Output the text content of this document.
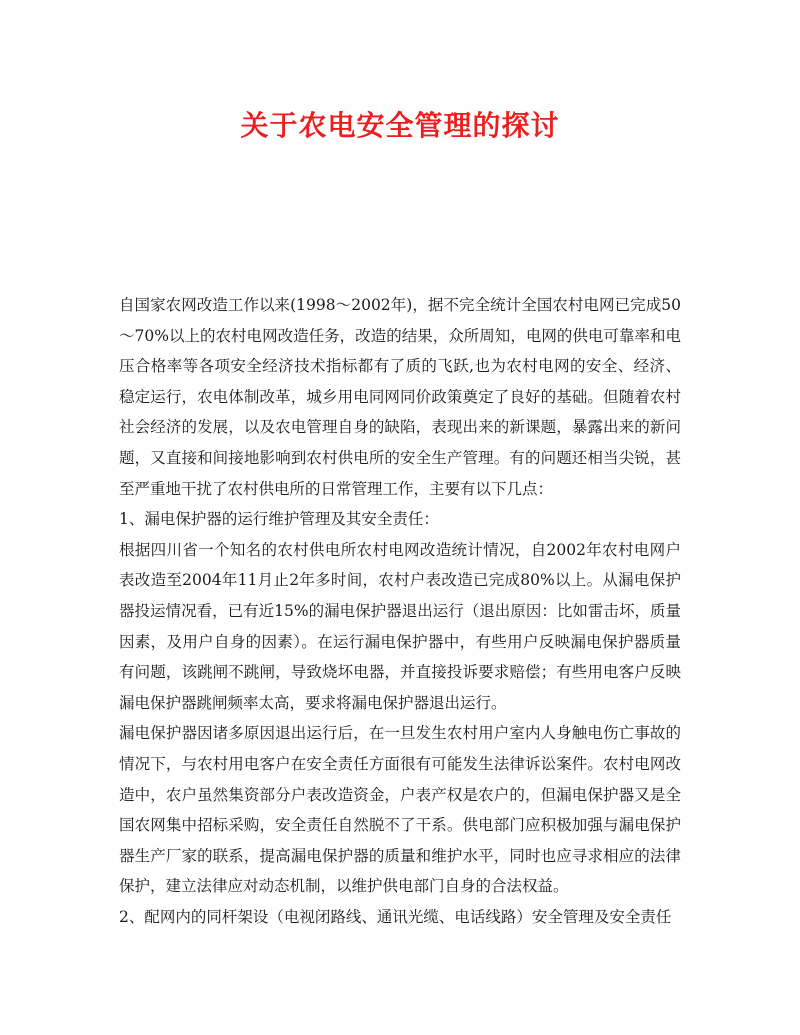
关于农电安全管理的探讨

自国家农网改造工作以来(1998～2002年)，据不完全统计全国农村电网已完成50～70%以上的农村电网改造任务，改造的结果，众所周知，电网的供电可靠率和电压合格率等各项安全经济技术指标都有了质的飞跃,也为农村电网的安全、经济、稳定运行，农电体制改革，城乡用电同网同价政策奠定了良好的基础。但随着农村社会经济的发展，以及农电管理自身的缺陷，表现出来的新课题，暴露出来的新问题，又直接和间接地影响到农村供电所的安全生产管理。有的问题还相当尖锐，甚至严重地干扰了农村供电所的日常管理工作，主要有以下几点：

1、漏电保护器的运行维护管理及其安全责任：

根据四川省一个知名的农村供电所农村电网改造统计情况，自2002年农村电网户表改造至2004年11月止2年多时间，农村户表改造已完成80%以上。从漏电保护器投运情况看，已有近15%的漏电保护器退出运行（退出原因：比如雷击坏，质量因素，及用户自身的因素）。在运行漏电保护器中，有些用户反映漏电保护器质量有问题，该跳闸不跳闸，导致烧坏电器，并直接投诉要求赔偿；有些用电客户反映漏电保护器跳闸频率太高，要求将漏电保护器退出运行。

漏电保护器因诸多原因退出运行后，在一旦发生农村用户室内人身触电伤亡事故的情况下，与农村用电客户在安全责任方面很有可能发生法律诉讼案件。农村电网改造中，农户虽然集资部分户表改造资金，户表产权是农户的，但漏电保护器又是全国农网集中招标采购，安全责任自然脱不了干系。供电部门应积极加强与漏电保护器生产厂家的联系，提高漏电保护器的质量和维护水平，同时也应寻求相应的法律保护，建立法律应对动态机制，以维护供电部门自身的合法权益。

2、配网内的同杆架设（电视闭路线、通讯光缆、电话线路）安全管理及安全责任
